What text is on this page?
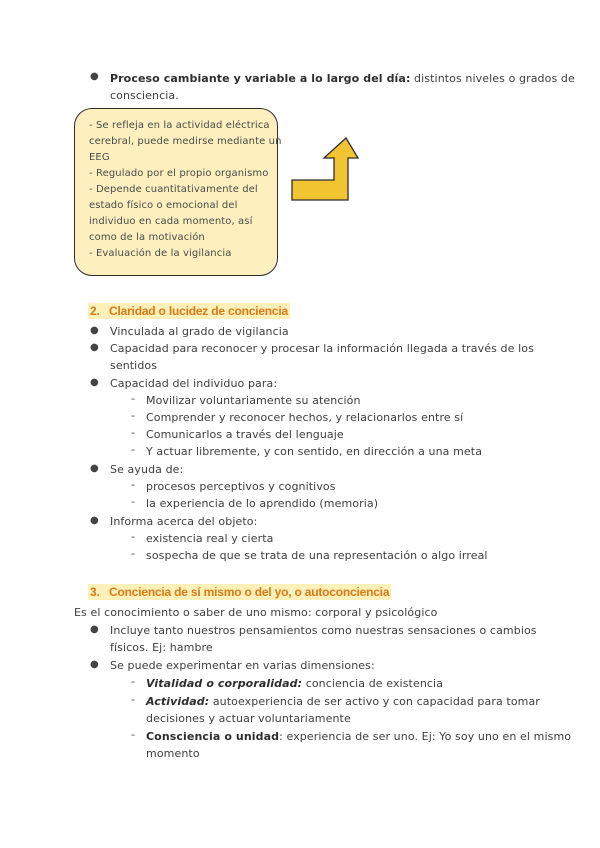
● Proceso cambiante y variable a lo largo del día: distintos niveles o grados de
consciencia.
- Se refleja en la actividad eléctrica
cerebral, puede medirse mediante un
EEG
- Regulado por el propio organismo
- Depende cuantitativamente del
estado físico o emocional del
individuo en cada momento, así
como de la motivación
- Evaluación de la vigilancia
2. Claridad o lucidez de conciencia
● Vinculada al grado de vigilancia
● Capacidad para reconocer y procesar la información llegada a través de los
sentidos
● Capacidad del individuo para:
- Movilizar voluntariamente su atención
- Comprender y reconocer hechos, y relacionarlos entre sí
- Comunicarlos a través del lenguaje
- Y actuar libremente, y con sentido, en dirección a una meta
● Se ayuda de:
- procesos perceptivos y cognitivos
- la experiencia de lo aprendido (memoria)
● Informa acerca del objeto:
- existencia real y cierta
- sospecha de que se trata de una representación o algo irreal
3. Conciencia de sí mismo o del yo, o autoconciencia
Es el conocimiento o saber de uno mismo: corporal y psicológico
● Incluye tanto nuestros pensamientos como nuestras sensaciones o cambios
físicos. Ej: hambre
● Se puede experimentar en varias dimensiones:
- Vitalidad o corporalidad: conciencia de existencia
- Actividad: autoexperiencia de ser activo y con capacidad para tomar
decisiones y actuar voluntariamente
- Consciencia o unidad: experiencia de ser uno. Ej: Yo soy uno en el mismo
momento
